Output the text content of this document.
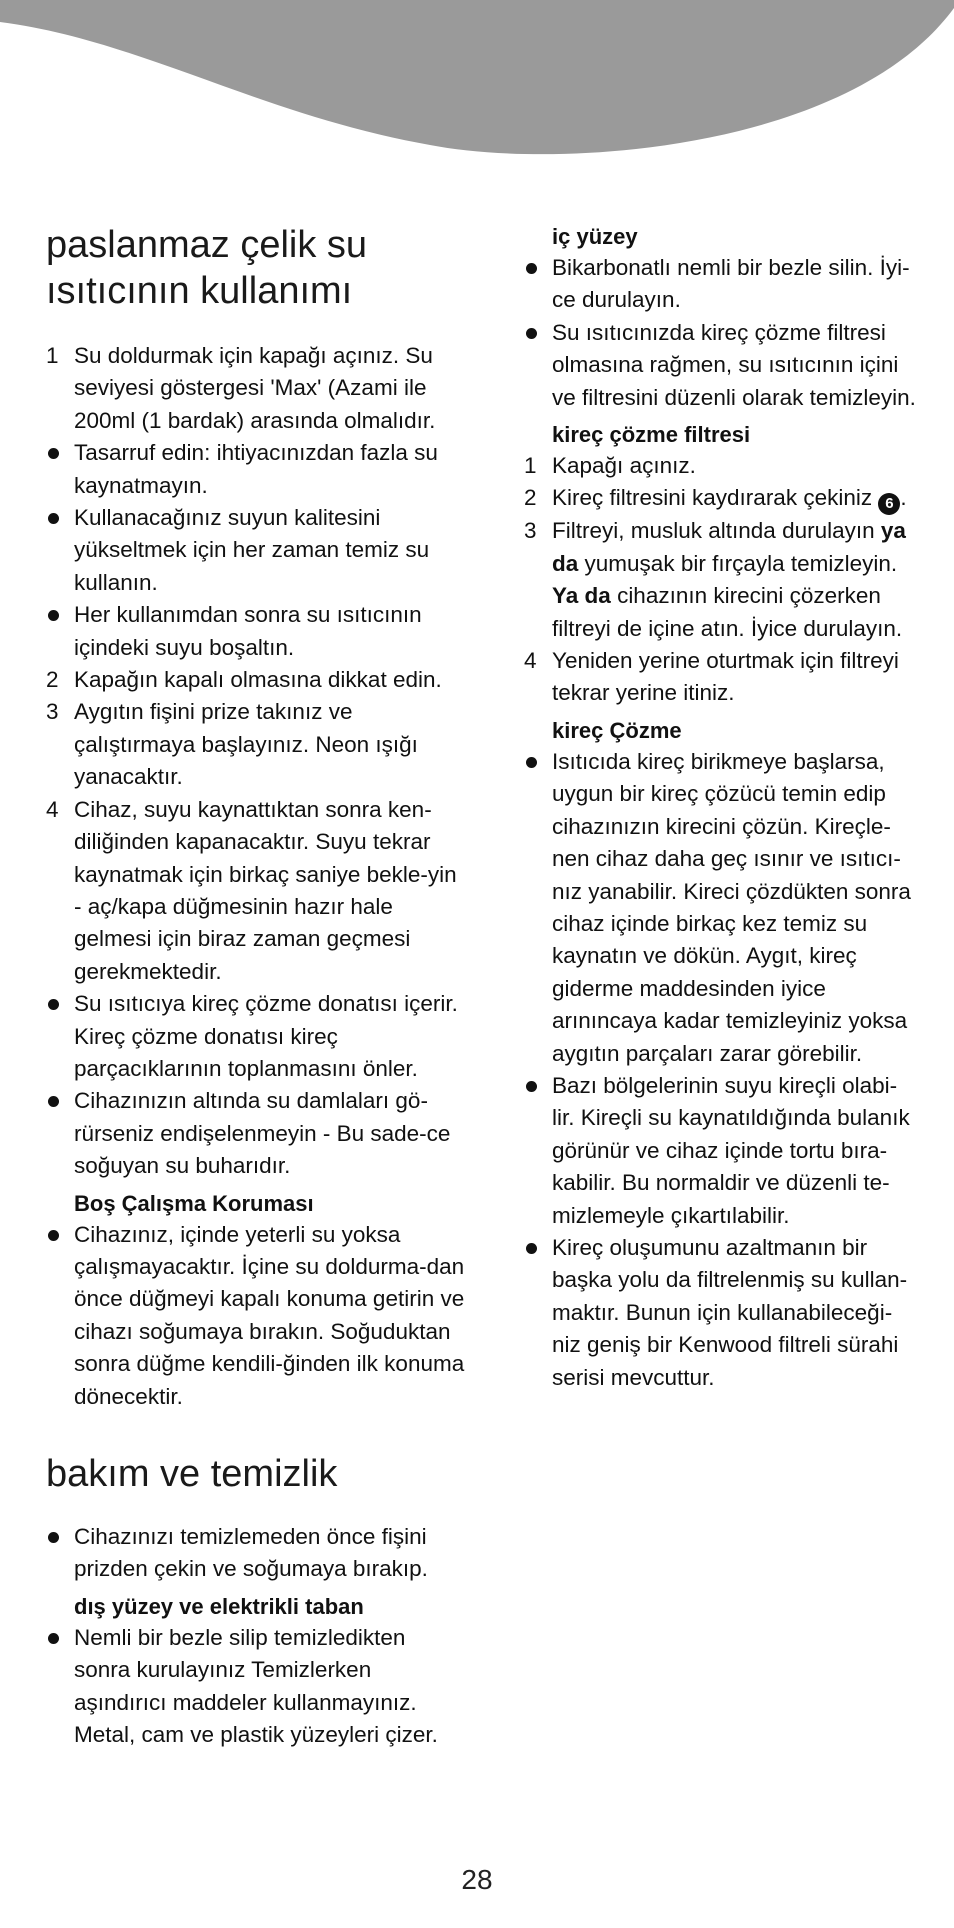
paslanmaz çelik su
ısıtıcının kullanımı
1 Su doldurmak için kapağı açınız. Su seviyesi göstergesi 'Max' (Azami ile 200ml (1 bardak) arasında olmalıdır.
Tasarruf edin: ihtiyacınızdan fazla su kaynatmayın.
Kullanacağınız suyun kalitesini yükseltmek için her zaman temiz su kullanın.
Her kullanımdan sonra su ısıtıcının içindeki suyu boşaltın.
2 Kapağın kapalı olmasına dikkat edin.
3 Aygıtın fişini prize takınız ve çalıştırmaya başlayınız. Neon ışığı yanacaktır.
4 Cihaz, suyu kaynattıktan sonra ken-diliğinden kapanacaktır. Suyu tekrar kaynatmak için birkaç saniye bekle-yin - aç/kapa düğmesinin hazır hale gelmesi için biraz zaman geçmesi gerekmektedir.
Su ısıtıcıya kireç çözme donatısı içerir. Kireç çözme donatısı kireç parçacıklarının toplanmasını önler.
Cihazınızın altında su damlaları gö-rürseniz endişelenmeyin - Bu sade-ce soğuyan su buharıdır.
Boş Çalışma Koruması
Cihazınız, içinde yeterli su yoksa çalışmayacaktır. İçine su doldurma-dan önce düğmeyi kapalı konuma getirin ve cihazı soğumaya bırakın. Soğuduktan sonra düğme kendili-ğinden ilk konuma dönecektir.
bakım ve temizlik
Cihazınızı temizlemeden önce fişini prizden çekin ve soğumaya bırakıp.
dış yüzey ve elektrikli taban
Nemli bir bezle silip temizledikten sonra kurulayınız Temizlerken aşındırıcı maddeler kullanmayınız. Metal, cam ve plastik yüzeyleri çizer.
iç yüzey
Bikarbonatlı nemli bir bezle silin. İyi-ce durulayın.
Su ısıtıcınızda kireç çözme filtresi olmasına rağmen, su ısıtıcının içini ve filtresini düzenli olarak temizleyin.
kireç çözme filtresi
1 Kapağı açınız.
2 Kireç filtresini kaydırarak çekiniz 6 .
3 Filtreyi, musluk altında durulayın ya da yumuşak bir fırçayla temizleyin. Ya da cihazının kirecini çözerken filtreyi de içine atın. İyice durulayın.
4 Yeniden yerine oturtmak için filtreyi tekrar yerine itiniz.
kireç Çözme
Isıtıcıda kireç birikmeye başlarsa, uygun bir kireç çözücü temin edip cihazınızın kirecini çözün. Kireçle-nen cihaz daha geç ısınır ve ısıtıcı-nız yanabilir. Kireci çözdükten sonra cihaz içinde birkaç kez temiz su kaynatın ve dökün. Aygıt, kireç giderme maddesinden iyice arınıncaya kadar temizleyiniz yoksa aygıtın parçaları zarar görebilir.
Bazı bölgelerinin suyu kireçli olabi-lir. Kireçli su kaynatıldığında bulanık görünür ve cihaz içinde tortu bıra-kabilir. Bu normaldir ve düzenli te-mizlemeyle çıkartılabilir.
Kireç oluşumunu azaltmanın bir başka yolu da filtrelenmiş su kullan-maktır. Bunun için kullanabileceği-niz geniş bir Kenwood filtreli sürahi serisi mevcuttur.
28
